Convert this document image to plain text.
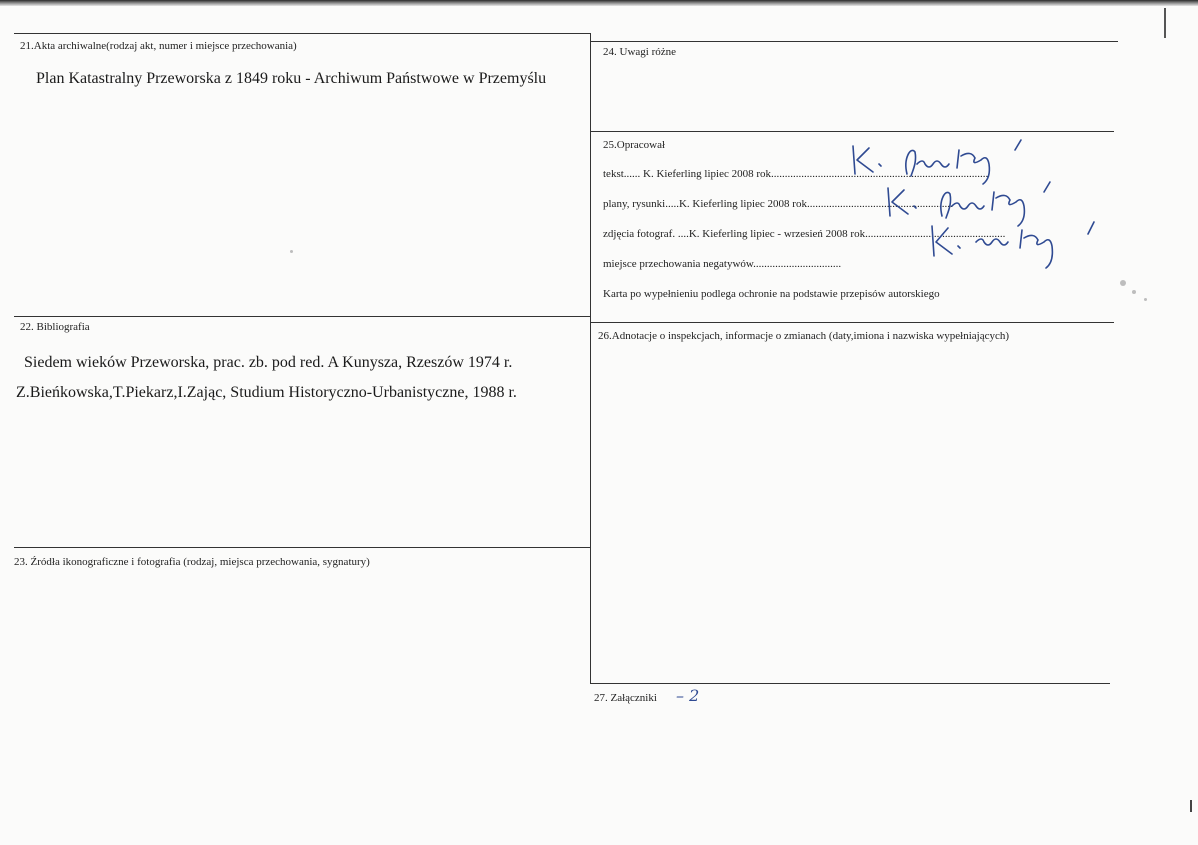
21.Akta archiwalne(rodzaj akt, numer i miejsce przechowania)
Plan Katastralny Przeworska z 1849 roku - Archiwum Państwowe w Przemyślu
24. Uwagi różne
25.Opracował
tekst...... K. Kieferling lipiec 2008 rok...............................................................................
plany, rysunki.....K. Kieferling lipiec 2008 rok.....................................................
zdjęcia fotograf. ....K. Kieferling lipiec - wrzesień 2008 rok...................................................
miejsce przechowania negatywów................................
Karta po wypełnieniu podlega ochronie na podstawie przepisów autorskiego
22. Bibliografia
Siedem wieków Przeworska, prac. zb. pod red. A Kunysza, Rzeszów 1974 r.
Z.Bieńkowska,T.Piekarz,I.Zając, Studium Historyczno-Urbanistyczne, 1988 r.
26.Adnotacje o inspekcjach, informacje o zmianach (daty,imiona i nazwiska wypełniających)
23. Źródła ikonograficzne i fotografia (rodzaj, miejsca przechowania, sygnatury)
27. Załączniki – 2
